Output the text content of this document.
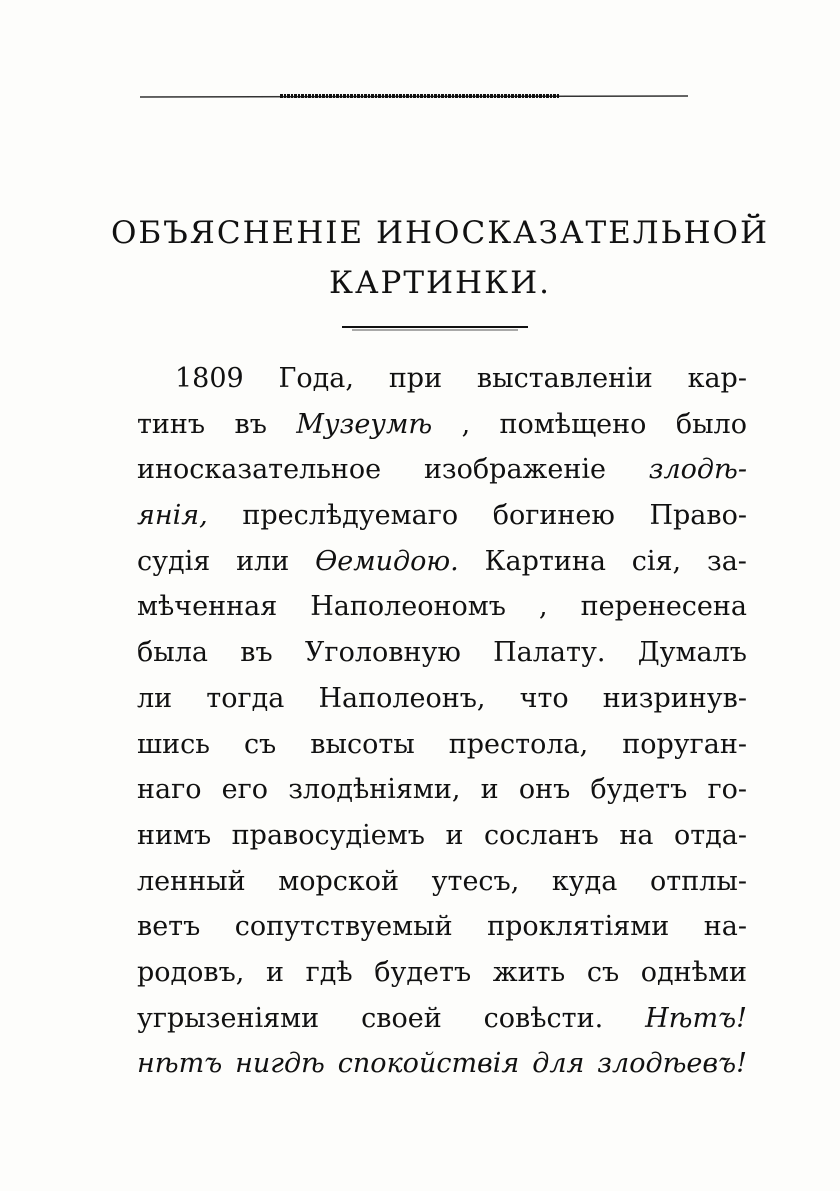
ОБЪЯСНЕНІЕ ИНОСКАЗАТЕЛЬНОЙ
КАРТИНКИ.
1809 Года, при выставленіи кар-
тинъ въ Музеумѣ , помѣщено было
иносказательное изображеніе злодѣ-
янія, преслѣдуемаго богинею Право-
судія или Ѳемидою. Картина сія, за-
мѣченная Наполеономъ , перенесена
была въ Уголовную Палату. Думалъ
ли тогда Наполеонъ, что низринув-
шись съ высоты престола, поруган-
наго его злодѣніями, и онъ будетъ го-
нимъ правосудіемъ и сосланъ на отда-
ленный морской утесъ, куда отплы-
ветъ сопутствуемый проклятіями на-
родовъ, и гдѣ будетъ жить съ однѣми
угрызеніями своей совѣсти. Нѣтъ!
нѣтъ нигдѣ спокойствія для злодѣевъ!
